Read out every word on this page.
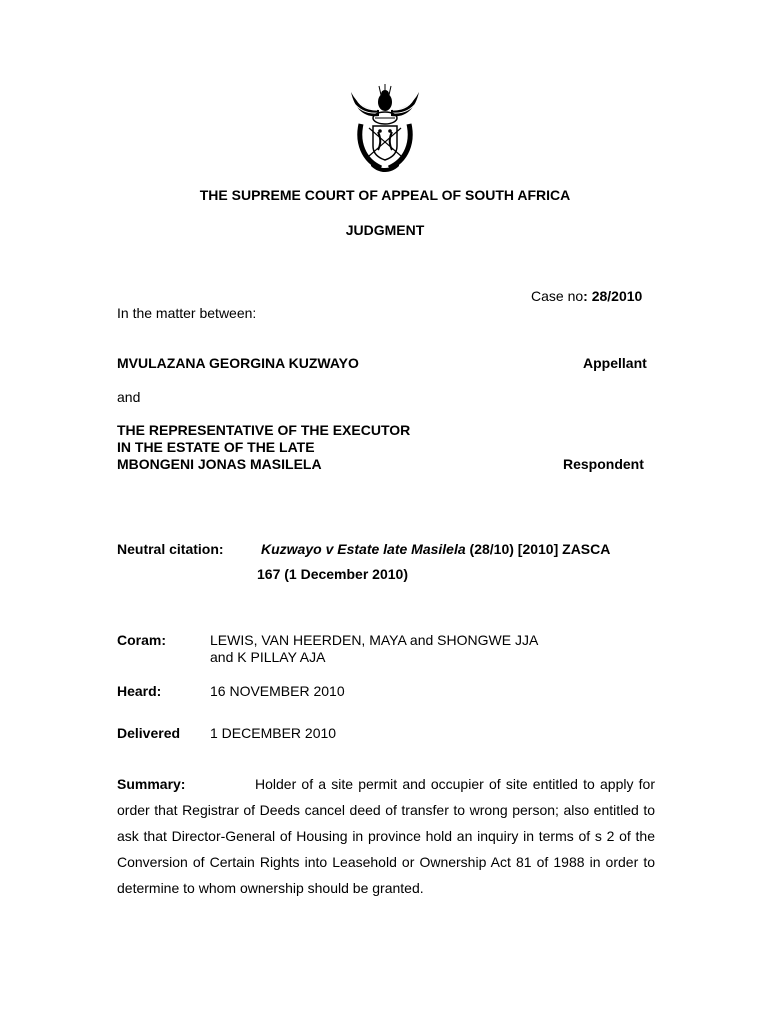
THE SUPREME COURT OF APPEAL OF SOUTH AFRICA
JUDGMENT
Case no: 28/2010
In the matter between:
MVULAZANA GEORGINA KUZWAYO	Appellant
and
THE REPRESENTATIVE OF THE EXECUTOR
IN THE ESTATE OF THE LATE
MBONGENI JONAS MASILELA	Respondent
Neutral citation:	Kuzwayo v Estate late Masilela (28/10) [2010] ZASCA
167 (1 December 2010)
Coram:	LEWIS, VAN HEERDEN, MAYA and SHONGWE JJA
and K PILLAY AJA
Heard:	16 NOVEMBER 2010
Delivered 1 DECEMBER 2010
Summary:	Holder of a site permit and occupier of site entitled to apply for order that Registrar of Deeds cancel deed of transfer to wrong person; also entitled to ask that Director-General of Housing in province hold an inquiry in terms of s 2 of the Conversion of Certain Rights into Leasehold or Ownership Act 81 of 1988 in order to determine to whom ownership should be granted.
